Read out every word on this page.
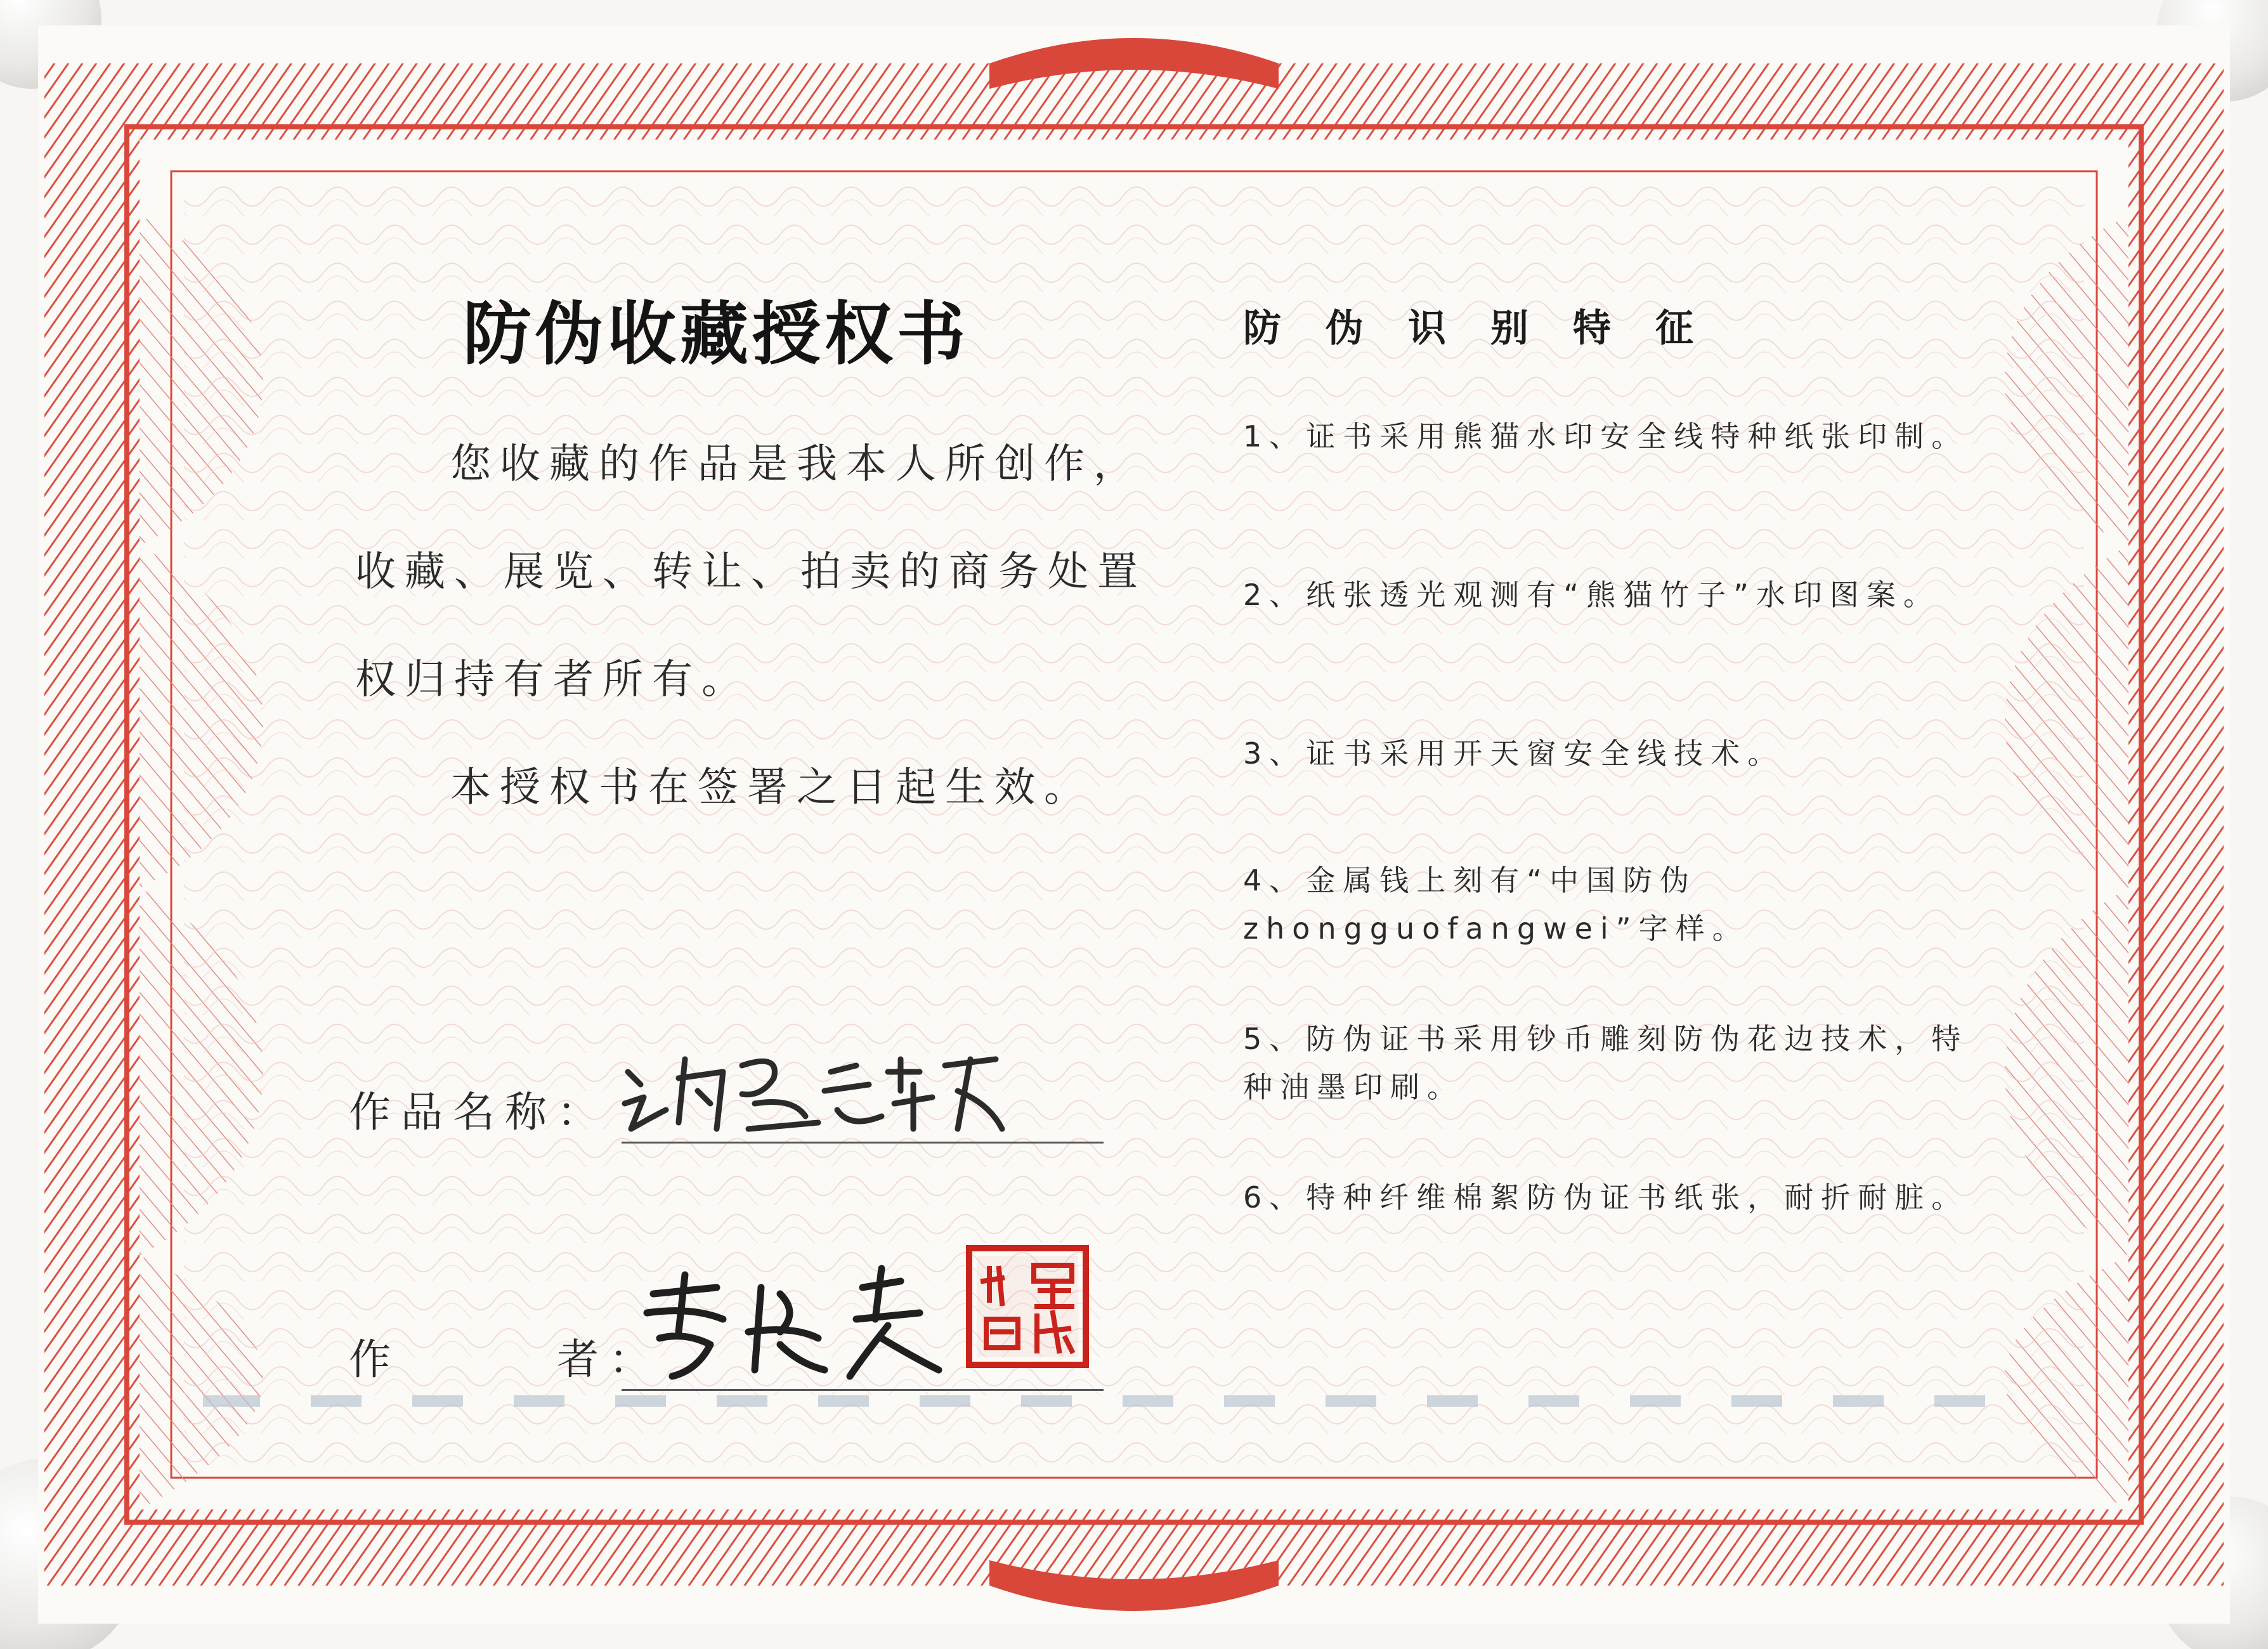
防伪收藏授权书
您收藏的作品是我本人所创作，
收藏、展览、转让、拍卖的商务处置
权归持有者所有。
本授权书在签署之日起生效。
防伪识别特征
1、证书采用熊猫水印安全线特种纸张印制。
2、纸张透光观测有“熊猫竹子”水印图案。
3、证书采用开天窗安全线技术。
4、金属钱上刻有“中国防伪zhongguofangwei”字样。
5、防伪证书采用钞币雕刻防伪花边技术，特种油墨印刷。
6、特种纤维棉絮防伪证书纸张，耐折耐脏。
作品名称：
作　　　者：
